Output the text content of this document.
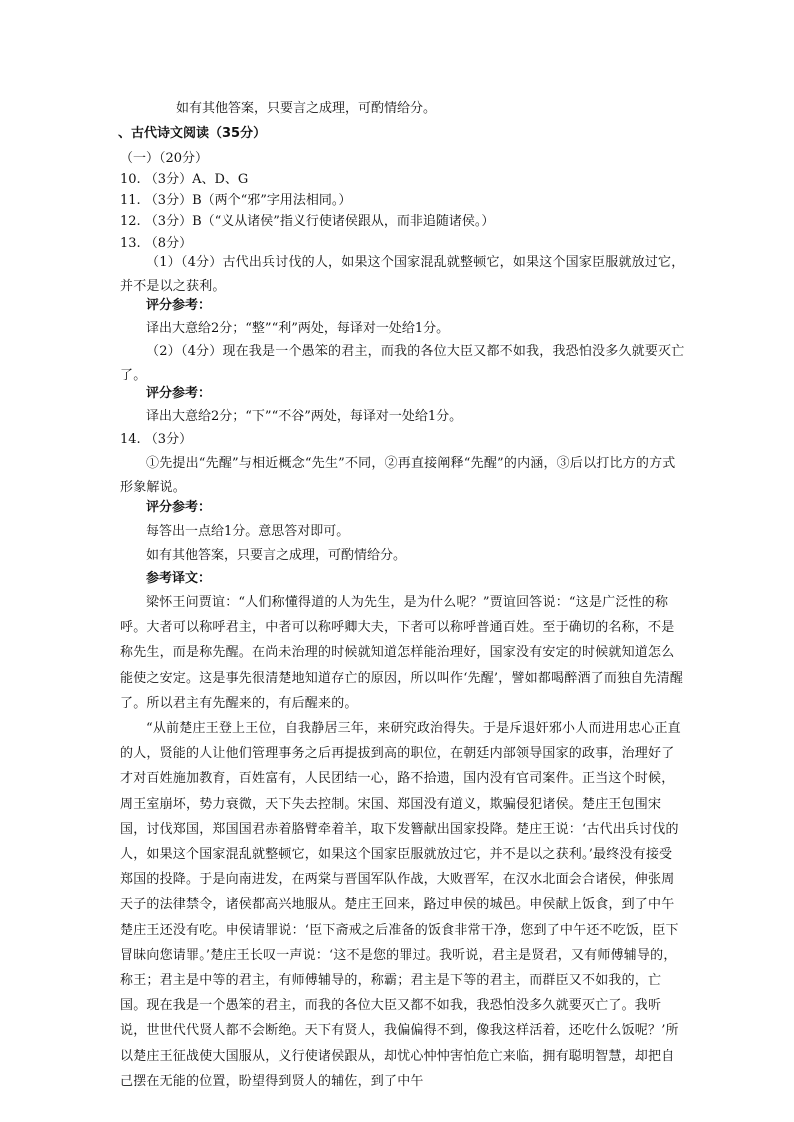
如有其他答案，只要言之成理，可酌情给分。
、古代诗文阅读（35分）
（一）（20分）
10. （3分）A、D、G
11. （3分）B（两个“邪”字用法相同。）
12. （3分）B（“义从诸侯”指义行使诸侯跟从，而非追随诸侯。）
13. （8分）
（1）（4分）古代出兵讨伐的人，如果这个国家混乱就整顿它，如果这个国家臣服就放过它，并不是以之获利。
评分参考：
译出大意给2分；“整”“利”两处，每译对一处给1分。
（2）（4分）现在我是一个愚笨的君主，而我的各位大臣又都不如我，我恐怕没多久就要灭亡了。
评分参考：
译出大意给2分；“下”“不谷”两处，每译对一处给1分。
14. （3分）
①先提出“先醒”与相近概念“先生”不同，②再直接阐释“先醒”的内涵，③后以打比方的方式形象解说。
评分参考：
每答出一点给1分。意思答对即可。
如有其他答案，只要言之成理，可酌情给分。
参考译文：
梁怀王问贾谊：“人们称懂得道的人为先生，是为什么呢？”贾谊回答说：“这是广泛性的称呼。大者可以称呼君主，中者可以称呼卿大夫，下者可以称呼普通百姓。至于确切的名称，不是称先生，而是称先醒。在尚未治理的时候就知道怎样能治理好，国家没有安定的时候就知道怎么能使之安定。这是事先很清楚地知道存亡的原因，所以叫作‘先醒’，譬如都喝醉酒了而独自先清醒了。所以君主有先醒来的，有后醒来的。
“从前楚庄王登上王位，自我静居三年，来研究政治得失。于是斥退奸邪小人而进用忠心正直的人，贤能的人让他们管理事务之后再提拔到高的职位，在朝廷内部领导国家的政事，治理好了才对百姓施加教育，百姓富有，人民团结一心，路不拾遗，国内没有官司案件。正当这个时候，周王室崩坏，势力衰微，天下失去控制。宋国、郑国没有道义，欺骗侵犯诸侯。楚庄王包围宋国，讨伐郑国，郑国国君赤着胳臂牵着羊，取下发簪献出国家投降。楚庄王说：‘古代出兵讨伐的人，如果这个国家混乱就整顿它，如果这个国家臣服就放过它，并不是以之获利。’最终没有接受郑国的投降。于是向南进发，在两棠与晋国军队作战，大败晋军，在汉水北面会合诸侯，伸张周天子的法律禁令，诸侯都高兴地服从。楚庄王回来，路过申侯的城邑。申侯献上饭食，到了中午楚庄王还没有吃。申侯请罪说：‘臣下斋戒之后准备的饭食非常干净，您到了中午还不吃饭，臣下冒昧向您请罪。’楚庄王长叹一声说：‘这不是您的罪过。我听说，君主是贤君，又有师傅辅导的，称王；君主是中等的君主，有师傅辅导的，称霸；君主是下等的君主，而群臣又不如我的，亡国。现在我是一个愚笨的君主，而我的各位大臣又都不如我，我恐怕没多久就要灭亡了。我听说，世世代代贤人都不会断绝。天下有贤人，我偏偏得不到，像我这样活着，还吃什么饭呢？’所以楚庄王征战使大国服从，义行使诸侯跟从，却忧心忡忡害怕危亡来临，拥有聪明智慧，却把自己摆在无能的位置，盼望得到贤人的辅佐，到了中午
